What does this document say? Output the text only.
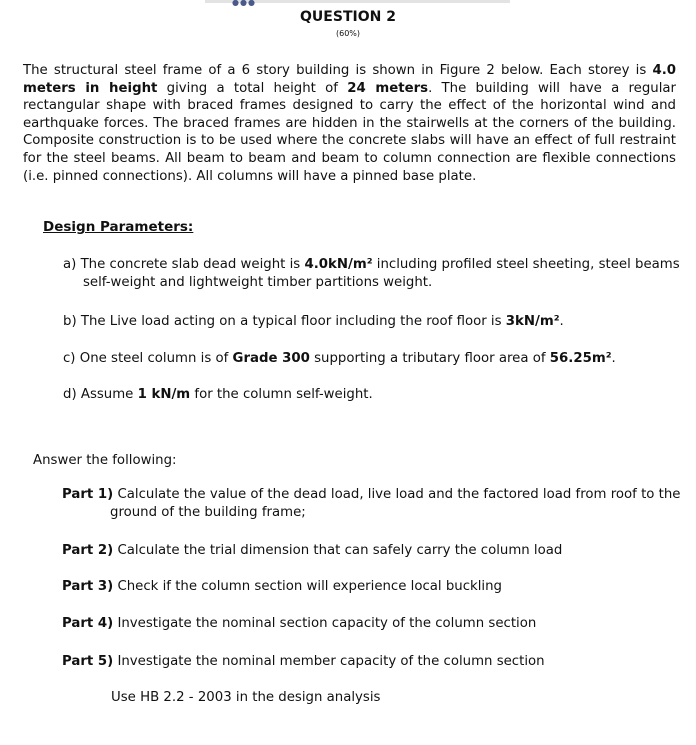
●●●
QUESTION 2
(60%)

The structural steel frame of a 6 story building is shown in Figure 2 below. Each storey is 4.0 meters in height giving a total height of 24 meters. The building will have a regular rectangular shape with braced frames designed to carry the effect of the horizontal wind and earthquake forces. The braced frames are hidden in the stairwells at the corners of the building. Composite construction is to be used where the concrete slabs will have an effect of full restraint for the steel beams. All beam to beam and beam to column connection are flexible connections (i.e. pinned connections). All columns will have a pinned base plate.

Design Parameters:
a) The concrete slab dead weight is 4.0kN/m² including profiled steel sheeting, steel beams self-weight and lightweight timber partitions weight.
b) The Live load acting on a typical floor including the roof floor is 3kN/m².
c) One steel column is of Grade 300 supporting a tributary floor area of 56.25m².
d) Assume 1 kN/m for the column self-weight.
Answer the following:
Part 1) Calculate the value of the dead load, live load and the factored load from roof to the ground of the building frame;
Part 2) Calculate the trial dimension that can safely carry the column load
Part 3) Check if the column section will experience local buckling
Part 4) Investigate the nominal section capacity of the column section
Part 5) Investigate the nominal member capacity of the column section
Use HB 2.2 - 2003 in the design analysis
